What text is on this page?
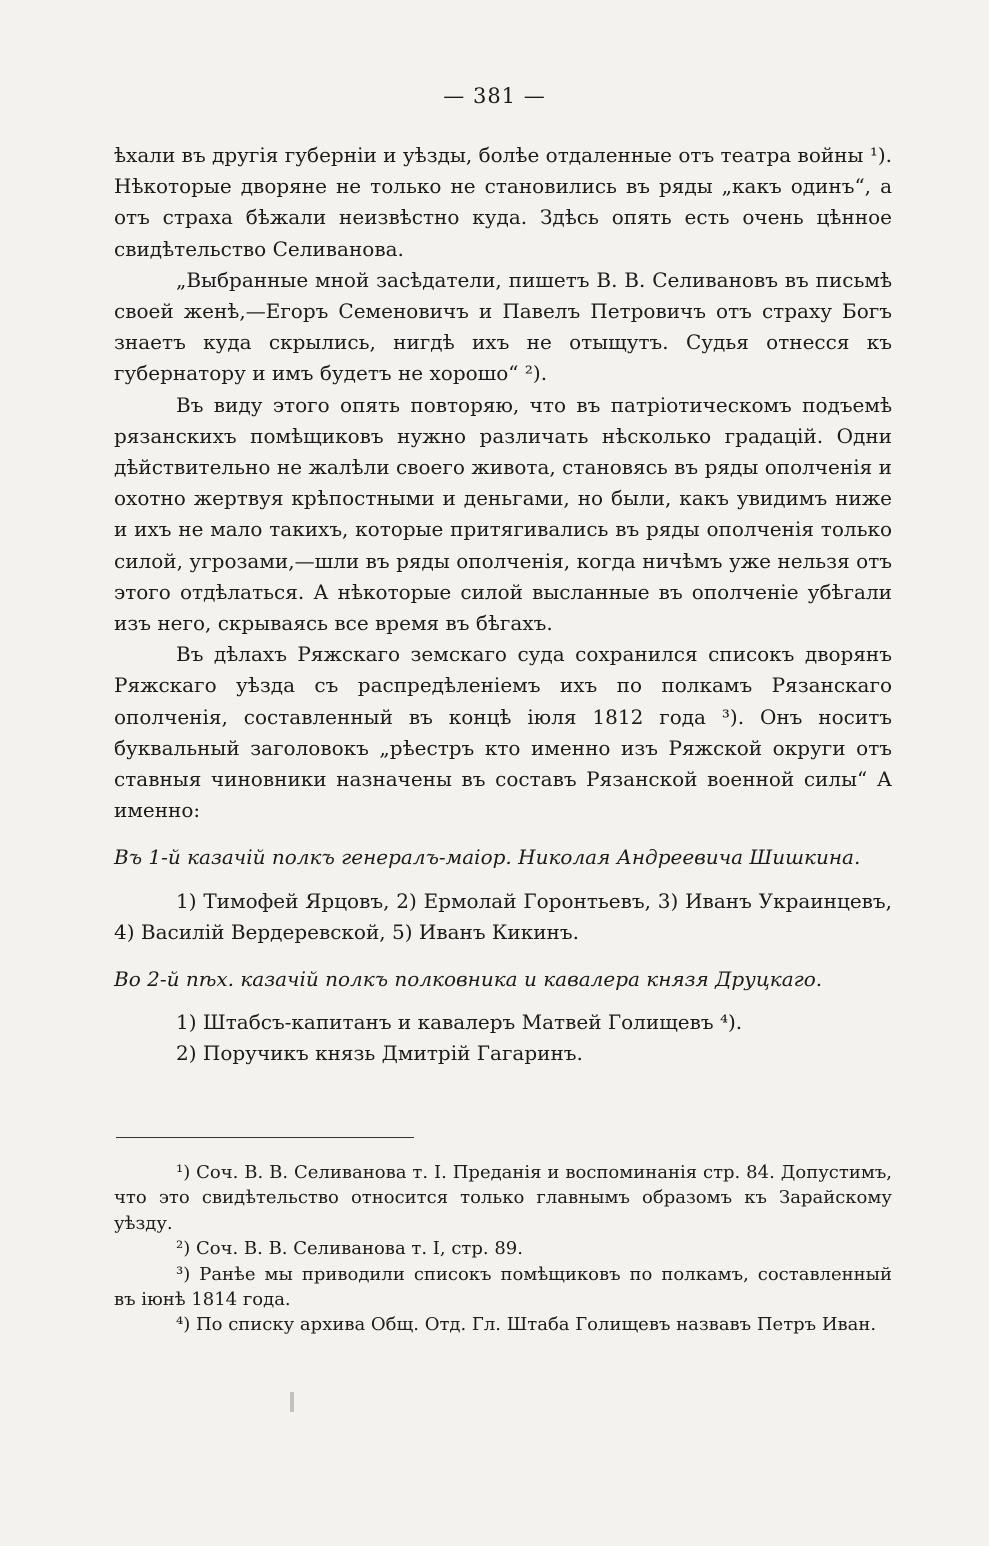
— 381 —

ѣхали въ другія губерніи и уѣзды, болѣе отдаленные отъ театра войны ¹). Нѣкоторые дворяне не только не становились въ ряды „какъ одинъ“, а отъ страха бѣжали неизвѣстно куда. Здѣсь опять есть очень цѣнное свидѣтельство Селиванова.

„Выбранные мной засѣдатели, пишетъ В. В. Селивановъ въ письмѣ своей женѣ,—Егоръ Семеновичъ и Павелъ Петровичъ отъ страху Богъ знаетъ куда скрылись, нигдѣ ихъ не отыщутъ. Судья отнесся къ губернатору и имъ будетъ не хорошо“ ²).

Въ виду этого опять повторяю, что въ патріотическомъ подъемѣ рязанскихъ помѣщиковъ нужно различать нѣсколько градацій. Одни дѣйствительно не жалѣли своего живота, становясь въ ряды ополченія и охотно жертвуя крѣпостными и деньгами, но были, какъ увидимъ ниже и ихъ не мало такихъ, которые притягивались въ ряды ополченія только силой, угрозами,—шли въ ряды ополченія, когда ничѣмъ уже нельзя отъ этого отдѣлаться. А нѣкоторые силой высланные въ ополченіе убѣгали изъ него, скрываясь все время въ бѣгахъ.

Въ дѣлахъ Ряжскаго земскаго суда сохранился списокъ дворянъ Ряжскаго уѣзда съ распредѣленіемъ ихъ по полкамъ Рязанскаго ополченія, составленный въ концѣ іюля 1812 года ³). Онъ носитъ буквальный заголовокъ „рѣестръ кто именно изъ Ряжской округи отъ ставныя чиновники назначены въ составъ Рязанской военной силы“ А именно:

Въ 1-й казачій полкъ генералъ-маіор. Николая Андреевича Шишкина.

1) Тимофей Ярцовъ, 2) Ермолай Горонтьевъ, 3) Иванъ Украинцевъ, 4) Василій Вердеревской, 5) Иванъ Кикинъ.

Во 2-й пѣх. казачій полкъ полковника и кавалера князя Друцкаго.

1) Штабсъ-капитанъ и кавалеръ Матвей Голищевъ ⁴).

2) Поручикъ князь Дмитрій Гагаринъ.

¹) Соч. В. В. Селиванова т. I. Преданія и воспоминанія стр. 84. Допустимъ, что это свидѣтельство относится только главнымъ образомъ къ Зарайскому уѣзду.

²) Соч. В. В. Селиванова т. I, стр. 89.

³) Ранѣе мы приводили списокъ помѣщиковъ по полкамъ, составленный въ іюнѣ 1814 года.

⁴) По списку архива Общ. Отд. Гл. Штаба Голищевъ назвавъ Петръ Иван.
